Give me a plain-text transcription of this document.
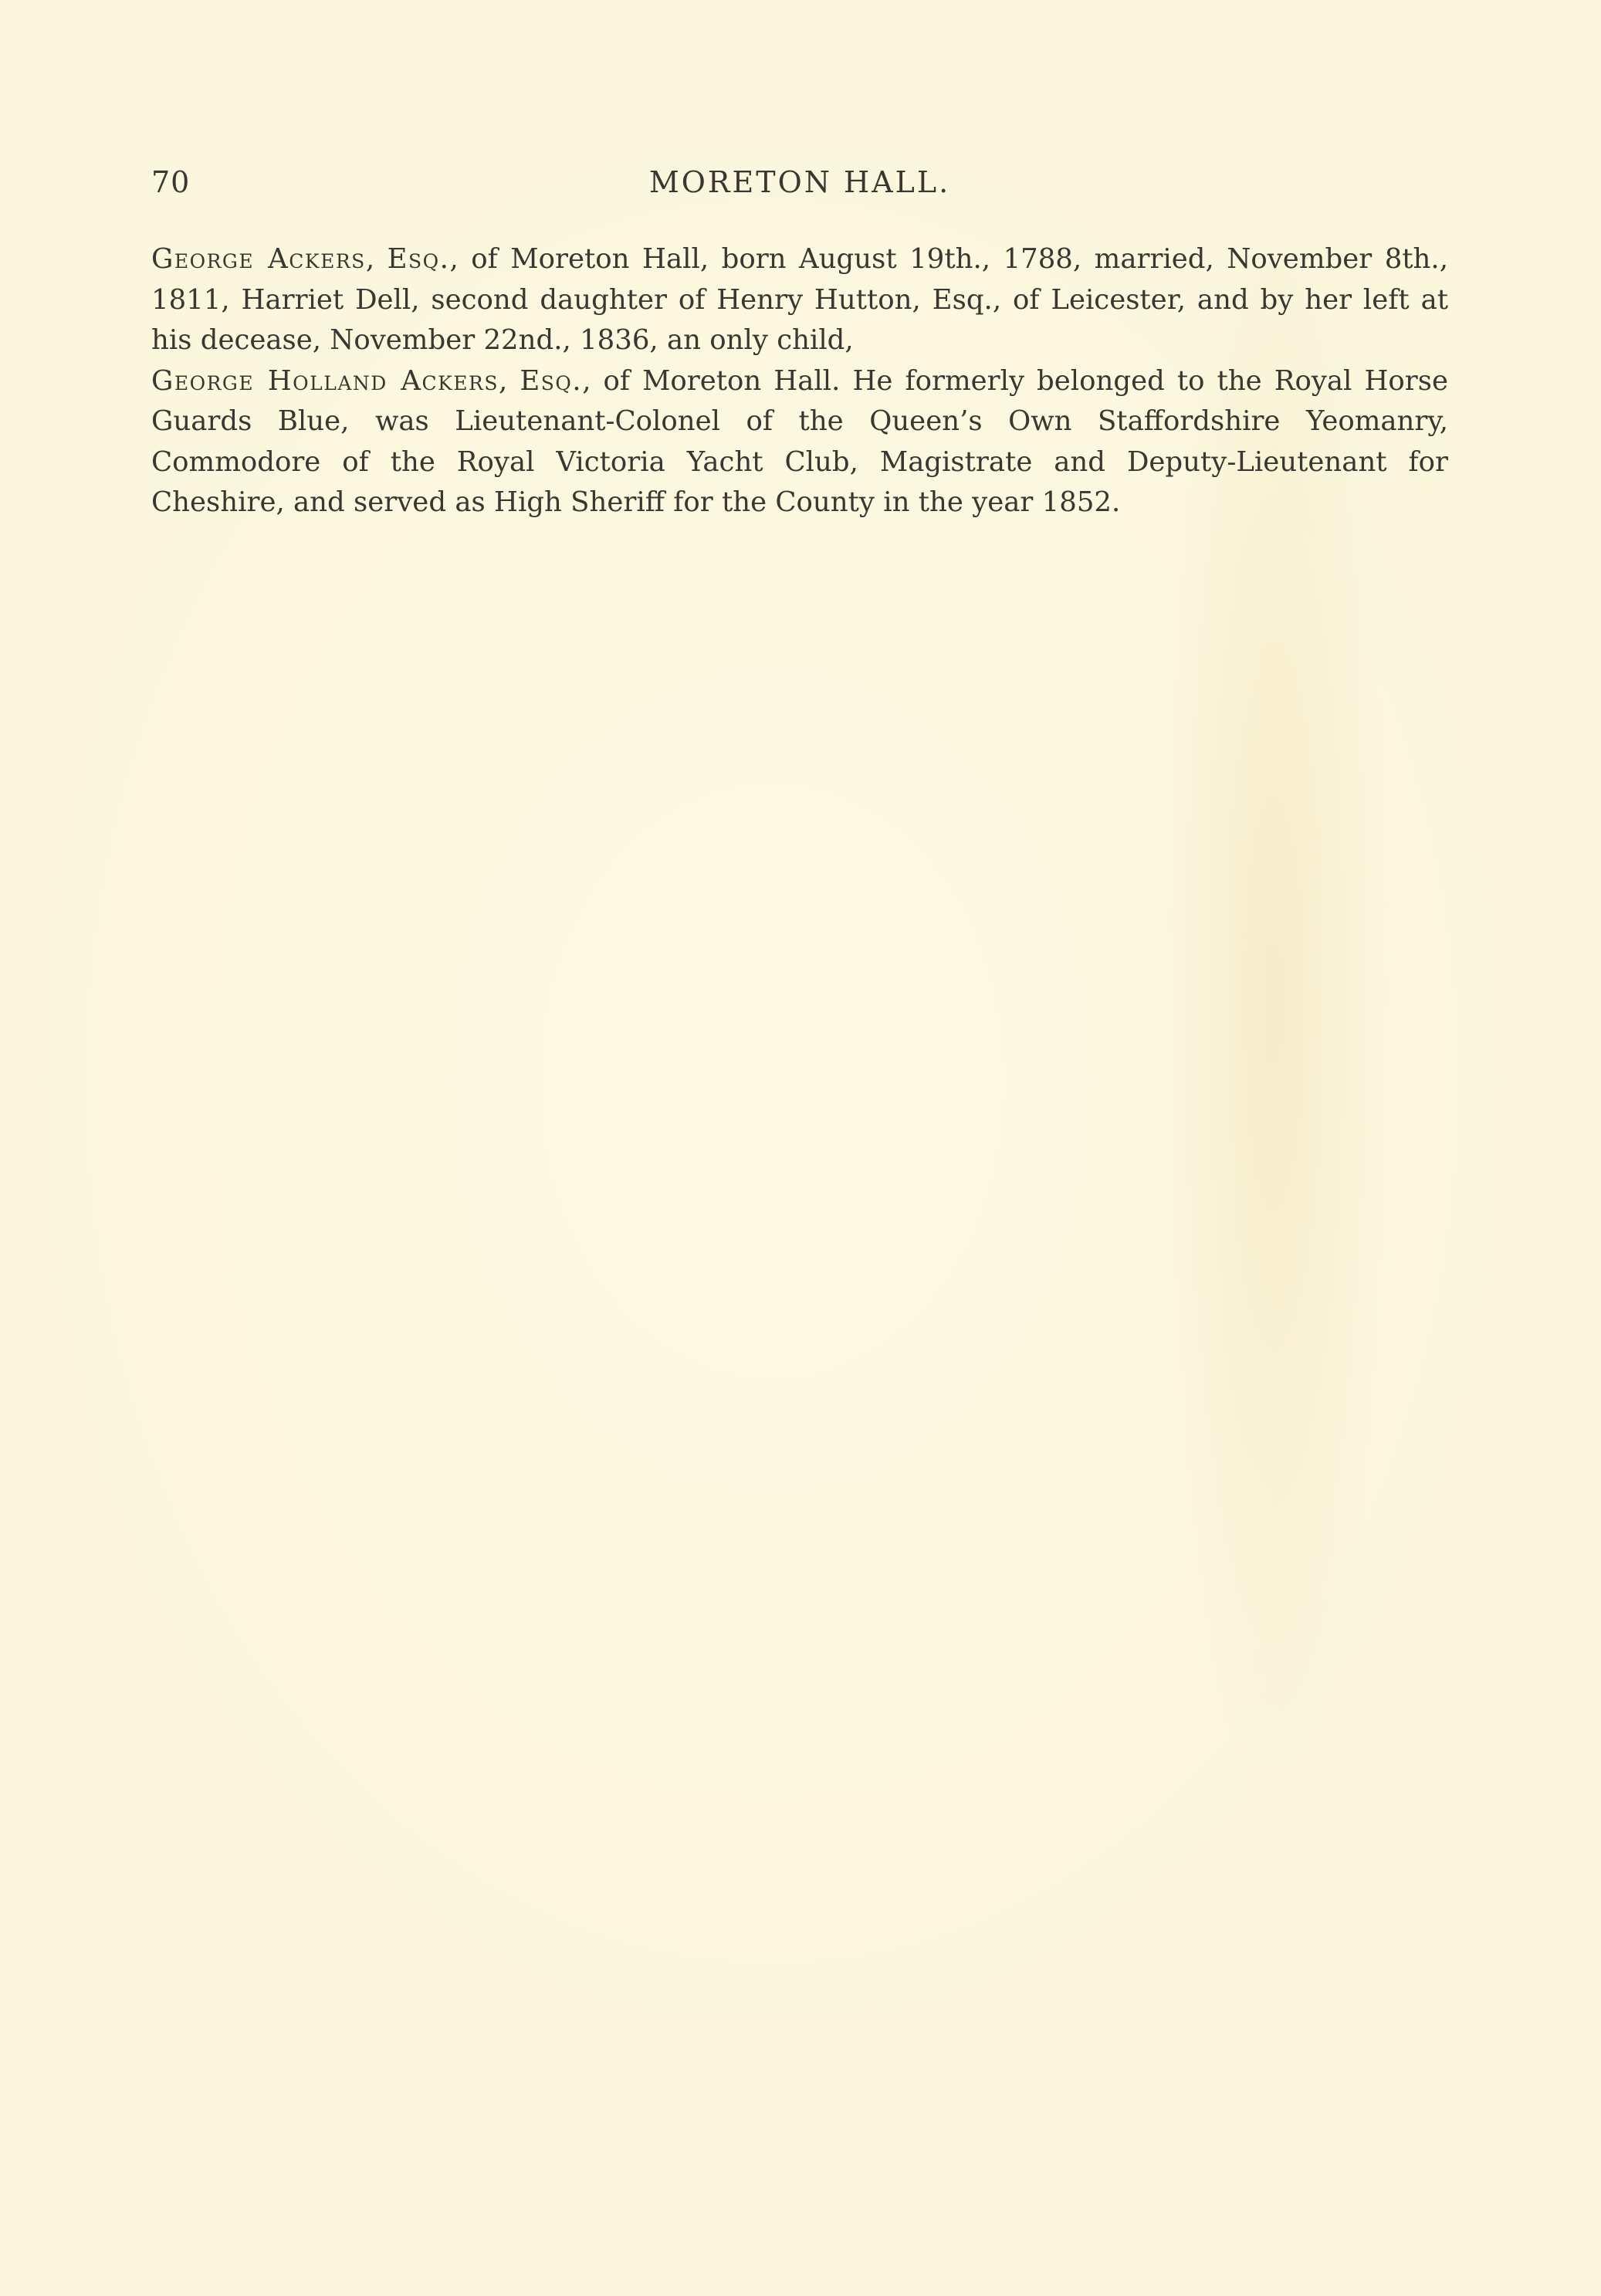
70	MORETON HALL.

George Ackers, Esq., of Moreton Hall, born August 19th., 1788, married, November 8th., 1811, Harriet Dell, second daughter of Henry Hutton, Esq., of Leicester, and by her left at his decease, November 22nd., 1836, an only child,

George Holland Ackers, Esq., of Moreton Hall. He formerly belonged to the Royal Horse Guards Blue, was Lieutenant-Colonel of the Queen’s Own Staffordshire Yeomanry, Commodore of the Royal Victoria Yacht Club, Magistrate and Deputy-Lieutenant for Cheshire, and served as High Sheriff for the County in the year 1852.
